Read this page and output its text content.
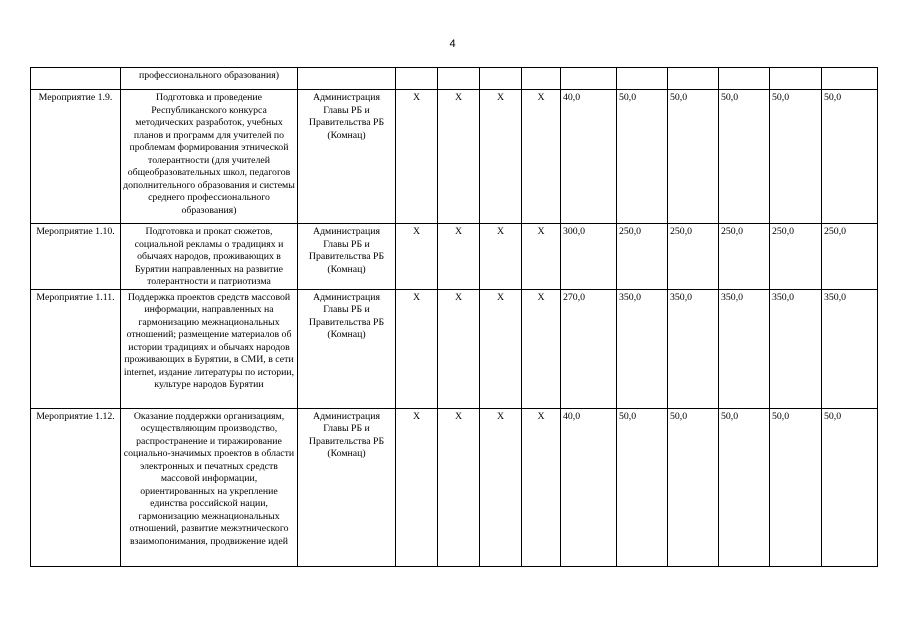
4
	профессионального образования)											
Мероприятие 1.9.	Подготовка и проведение Республиканского конкурса методических разработок, учебных планов и программ для учителей по проблемам формирования этнической толерантности (для учителей общеобразовательных школ, педагогов дополнительного образования и системы среднего профессионального образования)	Администрация Главы РБ и Правительства РБ (Комнац)	Х	Х	Х	Х	40,0	50,0	50,0	50,0	50,0	50,0
Мероприятие 1.10.	Подготовка и прокат сюжетов, социальной рекламы о традициях и обычаях народов, проживающих в Бурятии направленных на развитие толерантности и патриотизма	Администрация Главы РБ и Правительства РБ (Комнац)	Х	Х	Х	Х	300,0	250,0	250,0	250,0	250,0	250,0
Мероприятие 1.11.	Поддержка проектов средств массовой информации, направленных на гармонизацию межнациональных отношений; размещение материалов об истории традициях и обычаях народов проживающих в Бурятии, в СМИ, в сети internet, издание литературы по истории, культуре народов Бурятии	Администрация Главы РБ и Правительства РБ (Комнац)	Х	Х	Х	Х	270,0	350,0	350,0	350,0	350,0	350,0
Мероприятие 1.12.	Оказание поддержки организациям, осуществляющим производство, распространение и тиражирование социально-значимых проектов в области электронных и печатных средств массовой информации, ориентированных на укрепление единства российской нации, гармонизацию межнациональных отношений, развитие межэтнического взаимопонимания, продвижение идей	Администрация Главы РБ и Правительства РБ (Комнац)	Х	Х	Х	Х	40,0	50,0	50,0	50,0	50,0	50,0
